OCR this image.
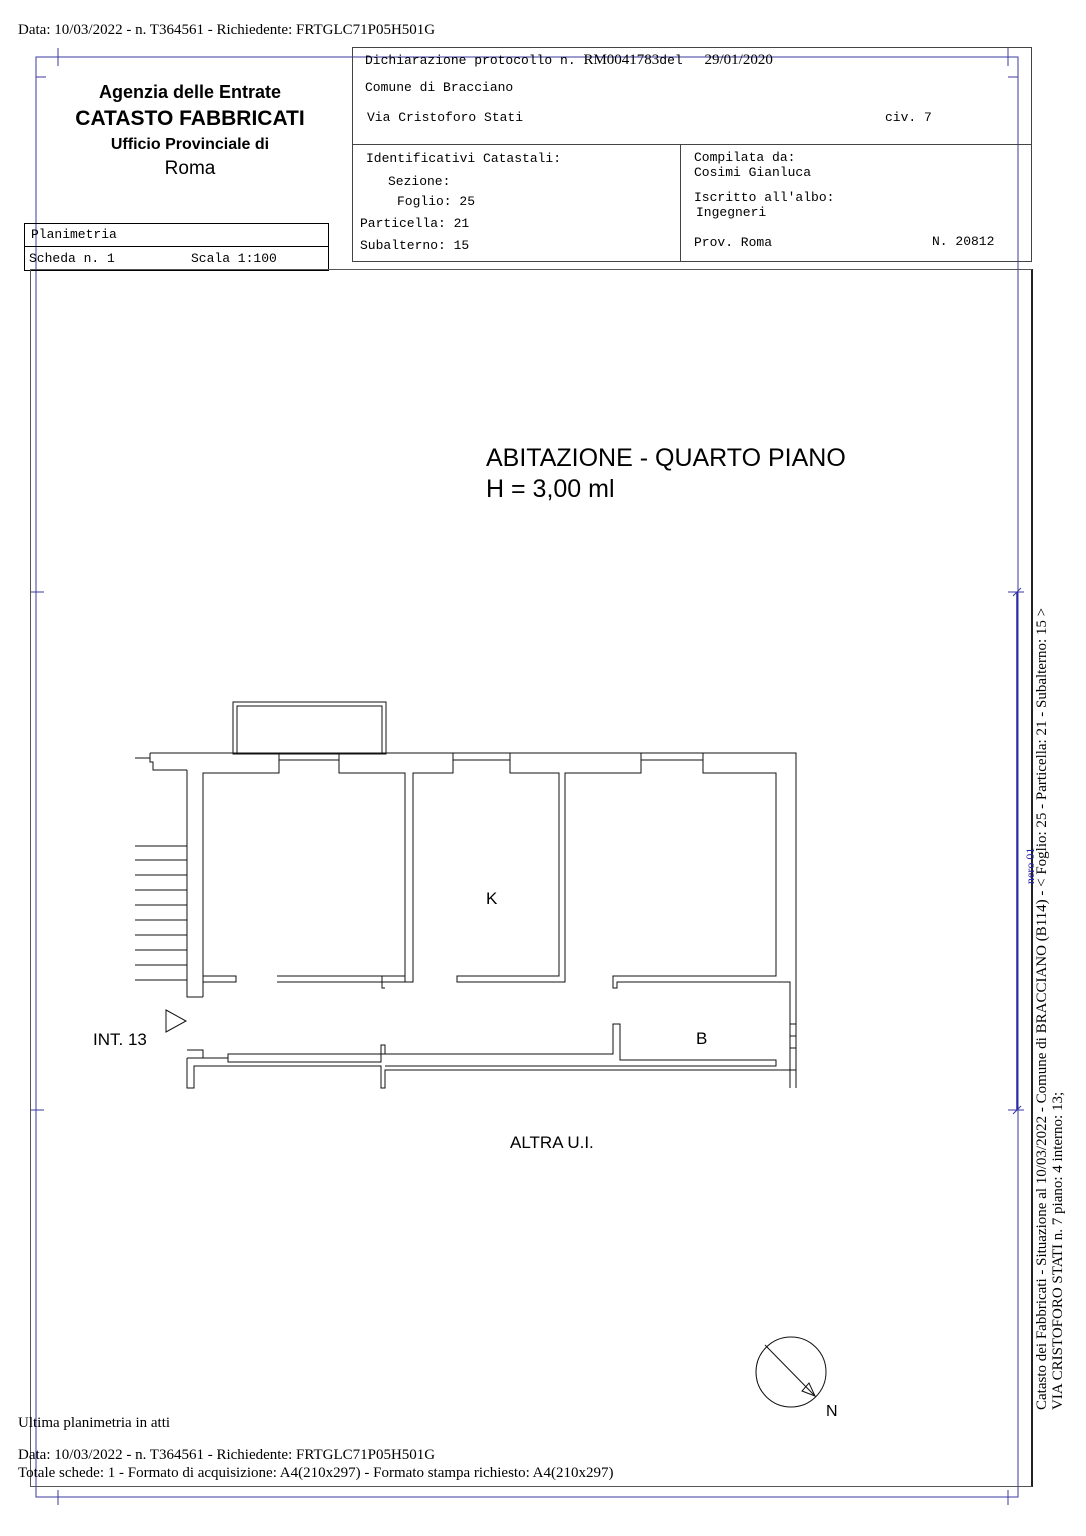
Data: 10/03/2022 - n. T364561 - Richiedente: FRTGLC71P05H501G
Agenzia delle Entrate
CATASTO FABBRICATI
Ufficio Provinciale di
Roma
Planimetria
Scheda n. 1	Scala 1:100
Dichiarazione protocollo n. RM0041783del 29/01/2020
Comune di Bracciano
Via Cristoforo Stati	civ. 7
Identificativi Catastali:
Sezione:
Foglio: 25
Particella: 21
Subalterno: 15
Compilata da:
Cosimi Gianluca
Iscritto all'albo:
Ingegneri
Prov. Roma	N. 20812
ABITAZIONE - QUARTO PIANO
H = 3,00 ml
K
B
INT. 13
ALTRA U.I.
N
nero 01
Catasto dei Fabbricati - Situazione al 10/03/2022 - Comune di BRACCIANO (B114) - < Foglio: 25 - Particella: 21 - Subalterno: 15 > VIA CRISTOFORO STATI n. 7 piano: 4 interno: 13;
Ultima planimetria in atti
Data: 10/03/2022 - n. T364561 - Richiedente: FRTGLC71P05H501G
Totale schede: 1 - Formato di acquisizione: A4(210x297) - Formato stampa richiesto: A4(210x297)
